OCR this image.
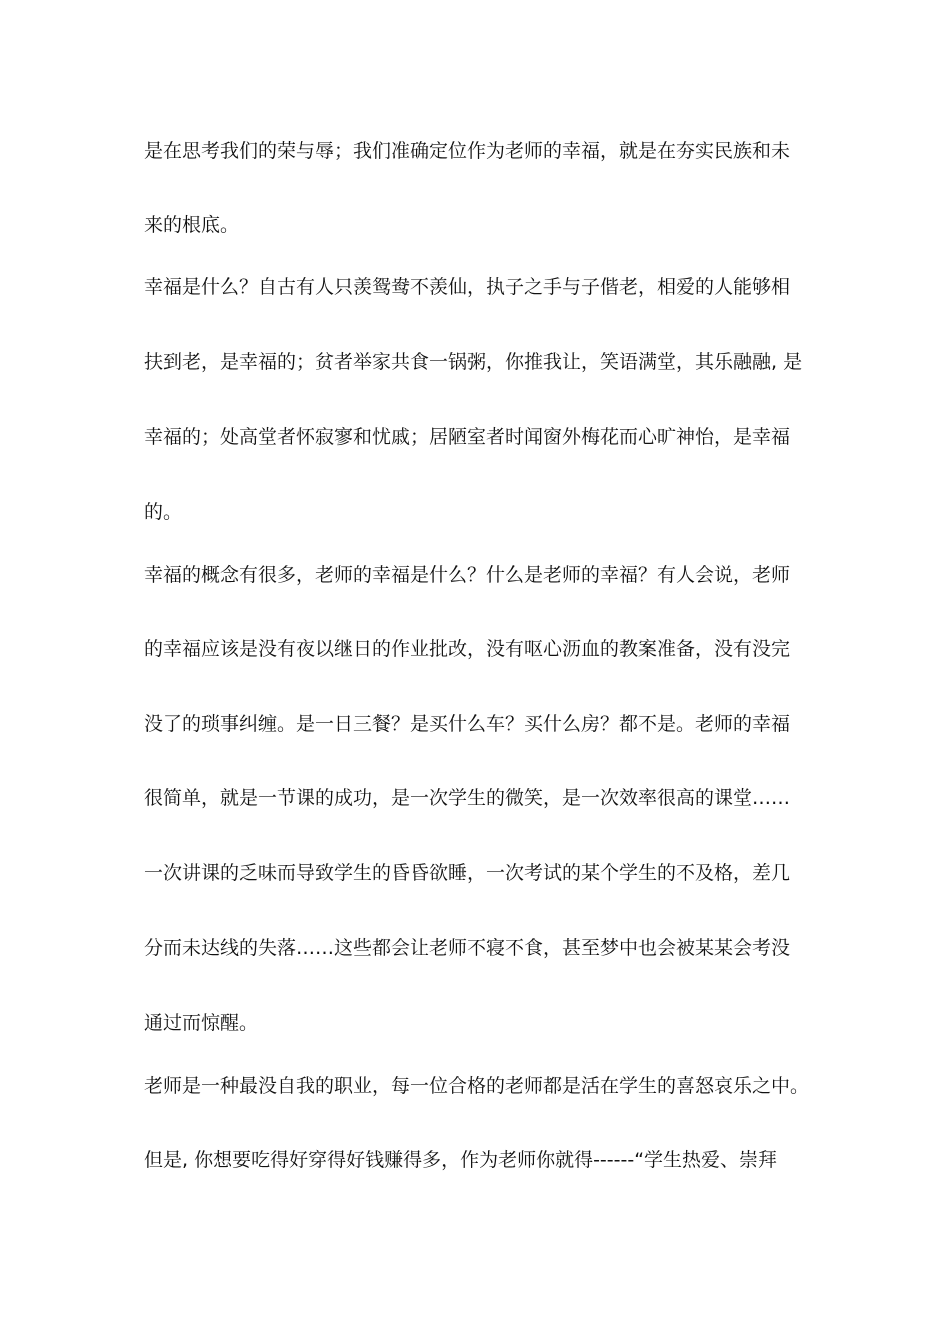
是在思考我们的荣与辱；我们准确定位作为老师的幸福，就是在夯实民族和未
来的根底。
幸福是什么？自古有人只羡鸳鸯不羡仙，执子之手与子偕老，相爱的人能够相
扶到老，是幸福的；贫者举家共食一锅粥，你推我让，笑语满堂，其乐融融, 是
幸福的；处高堂者怀寂寥和忧戚；居陋室者时闻窗外梅花而心旷神怡，是幸福
的。
幸福的概念有很多，老师的幸福是什么？什么是老师的幸福？有人会说，老师
的幸福应该是没有夜以继日的作业批改，没有呕心沥血的教案准备，没有没完
没了的琐事纠缠。是一日三餐？是买什么车？买什么房？都不是。老师的幸福
很简单，就是一节课的成功，是一次学生的微笑，是一次效率很高的课堂……
一次讲课的乏味而导致学生的昏昏欲睡，一次考试的某个学生的不及格，差几
分而未达线的失落……这些都会让老师不寝不食，甚至梦中也会被某某会考没
通过而惊醒。
老师是一种最没自我的职业，每一位合格的老师都是活在学生的喜怒哀乐之中。
但是, 你想要吃得好穿得好钱赚得多，作为老师你就得------“学生热爱、崇拜
